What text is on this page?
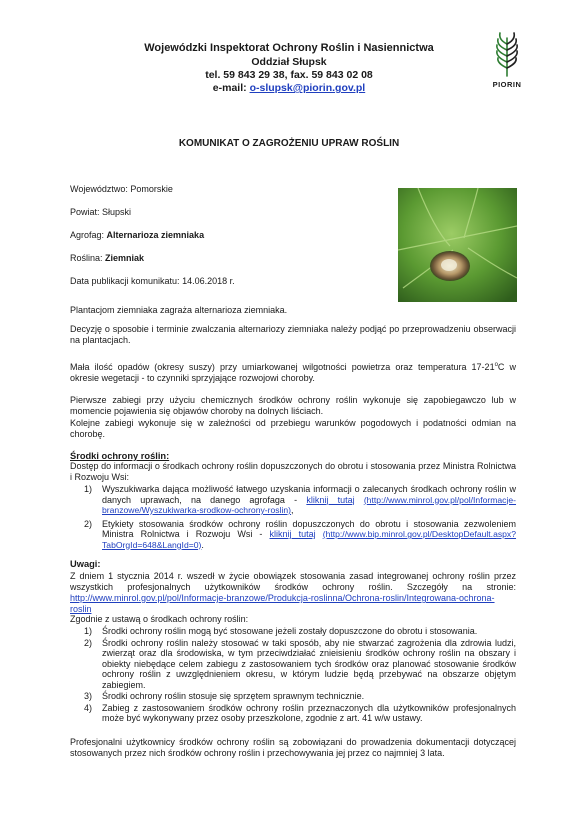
Wojewódzki Inspektorat Ochrony Roślin i Nasiennictwa
Oddział Słupsk
tel. 59 843 29 38, fax. 59 843 02 08
e-mail: o-slupsk@piorin.gov.pl	PIORIN
KOMUNIKAT O ZAGROŻENIU UPRAW ROŚLIN
Województwo: Pomorskie
Powiat: Słupski
Agrofag: Alternarioza ziemniaka
Roślina: Ziemniak
Data publikacji komunikatu: 14.06.2018 r.
Plantacjom ziemniaka zagraża alternarioza ziemniaka.
Decyzję o sposobie i terminie zwalczania alternariozy ziemniaka należy podjąć po przeprowadzeniu obserwacji na plantacjach.
Mała ilość opadów (okresy suszy) przy umiarkowanej wilgotności powietrza oraz temperatura 17-21$^o$C w okresie wegetacji - to czynniki sprzyjające rozwojowi choroby.
Pierwsze zabiegi przy użyciu chemicznych środków ochrony roślin wykonuje się zapobiegawczo lub w momencie pojawienia się objawów choroby na dolnych liściach.
Kolejne zabiegi wykonuje się w zależności od przebiegu warunków pogodowych i podatności odmian na chorobę.
Środki ochrony roślin:
Dostęp do informacji o środkach ochrony roślin dopuszczonych do obrotu i stosowania przez Ministra Rolnictwa i Rozwoju Wsi:
1) Wyszukiwarka dająca możliwość łatwego uzyskania informacji o zalecanych środkach ochrony roślin w danych uprawach, na danego agrofaga - kliknij tutaj (http://www.minrol.gov.pl/pol/Informacje-branzowe/Wyszukiwarka-srodkow-ochrony-roslin),
2) Etykiety stosowania środków ochrony roślin dopuszczonych do obrotu i stosowania zezwoleniem Ministra Rolnictwa i Rozwoju Wsi - kliknij tutaj (http://www.bip.minrol.gov.pl/DesktopDefault.aspx?TabOrgId=648&LangId=0).
Uwagi:
Z dniem 1 stycznia 2014 r. wszedł w życie obowiązek stosowania zasad integrowanej ochrony roślin przez wszystkich profesjonalnych użytkowników środków ochrony roślin. Szczegóły na stronie: http://www.minrol.gov.pl/pol/Informacje-branzowe/Produkcja-roslinna/Ochrona-roslin/Integrowana-ochrona-roslin
Zgodnie z ustawą o środkach ochrony roślin:
1) Środki ochrony roślin mogą być stosowane jeżeli zostały dopuszczone do obrotu i stosowania.
2) Środki ochrony roślin należy stosować w taki sposób, aby nie stwarzać zagrożenia dla zdrowia ludzi, zwierząt oraz dla środowiska, w tym przeciwdziałać znieisieniu środków ochrony roślin na obszary i obiekty niebędące celem zabiegu z zastosowaniem tych środków oraz planować stosowanie środków ochrony roślin z uwzględnieniem okresu, w którym ludzie będą przebywać na obszarze objętym zabiegiem.
3) Środki ochrony roślin stosuje się sprzętem sprawnym technicznie.
4) Zabieg z zastosowaniem środków ochrony roślin przeznaczonych dla użytkowników profesjonalnych może być wykonywany przez osoby przeszkolone, zgodnie z art. 41 w/w ustawy.
Profesjonalni użytkownicy środków ochrony roślin są zobowiązani do prowadzenia dokumentacji dotyczącej stosowanych przez nich środków ochrony roślin i przechowywania jej przez co najmniej 3 lata.
